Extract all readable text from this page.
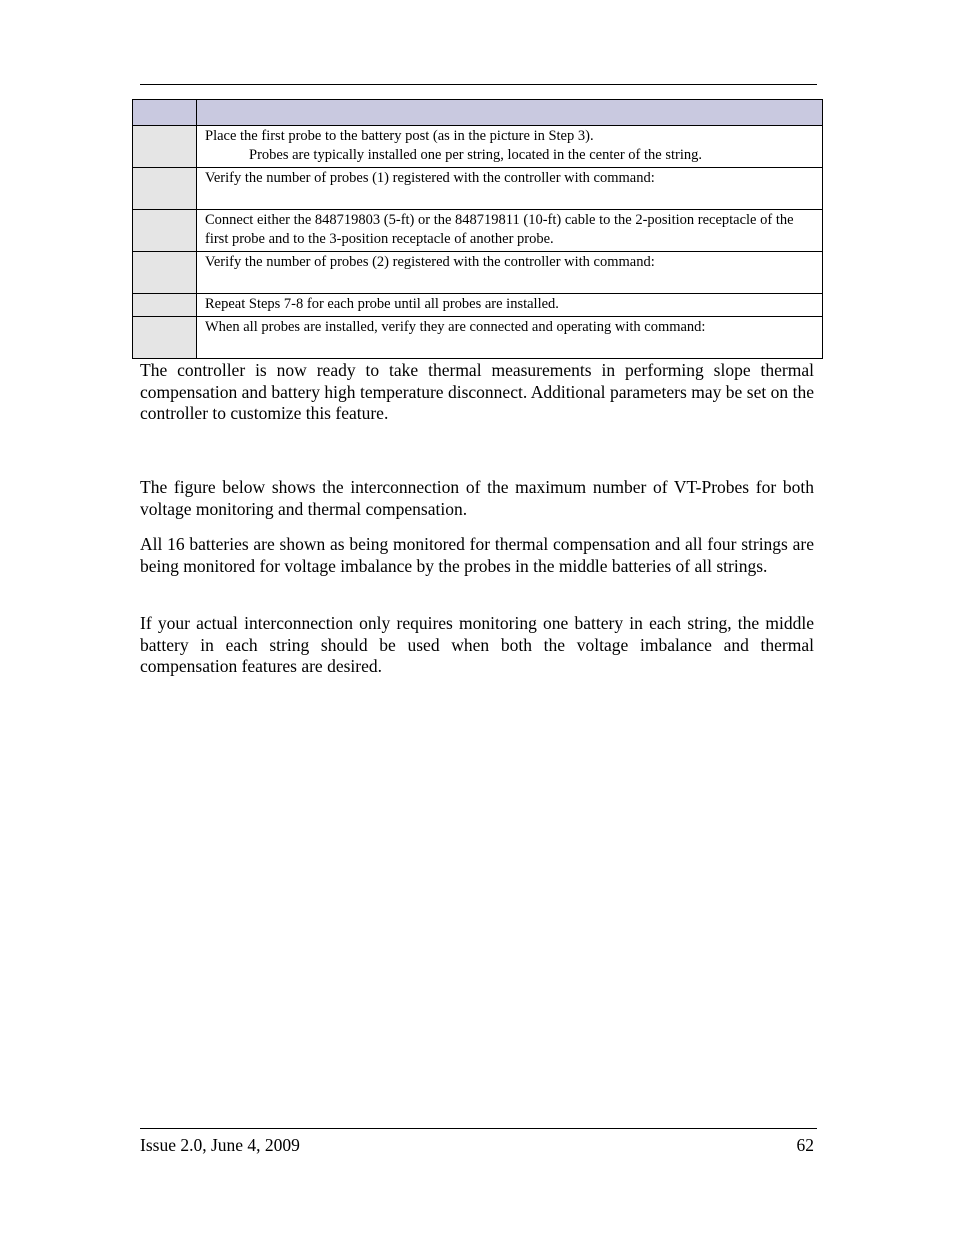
	Place the first probe to the battery post (as in the picture in Step 3).
Probes are typically installed one per string, located in the center of the string.

	Verify the number of probes (1) registered with the controller with command:
	Connect either the 848719803 (5-ft) or the 848719811 (10-ft) cable to the 2-position receptacle of the first probe and to the 3-position receptacle of another probe.
	Verify the number of probes (2) registered with the controller with command:
	Repeat Steps 7-8 for each probe until all probes are installed.
	When all probes are installed, verify they are connected and operating with command:

The controller is now ready to take thermal measurements in performing slope thermal compensation and battery high temperature disconnect. Additional parameters may be set on the controller to customize this feature.

The figure below shows the interconnection of the maximum number of VT-Probes for both voltage monitoring and thermal compensation.

All 16 batteries are shown as being monitored for thermal compensation and all four strings are being monitored for voltage imbalance by the probes in the middle batteries of all strings.

If your actual interconnection only requires monitoring one battery in each string, the middle battery in each string should be used when both the voltage imbalance and thermal compensation features are desired.

Issue 2.0, June 4, 2009	62
